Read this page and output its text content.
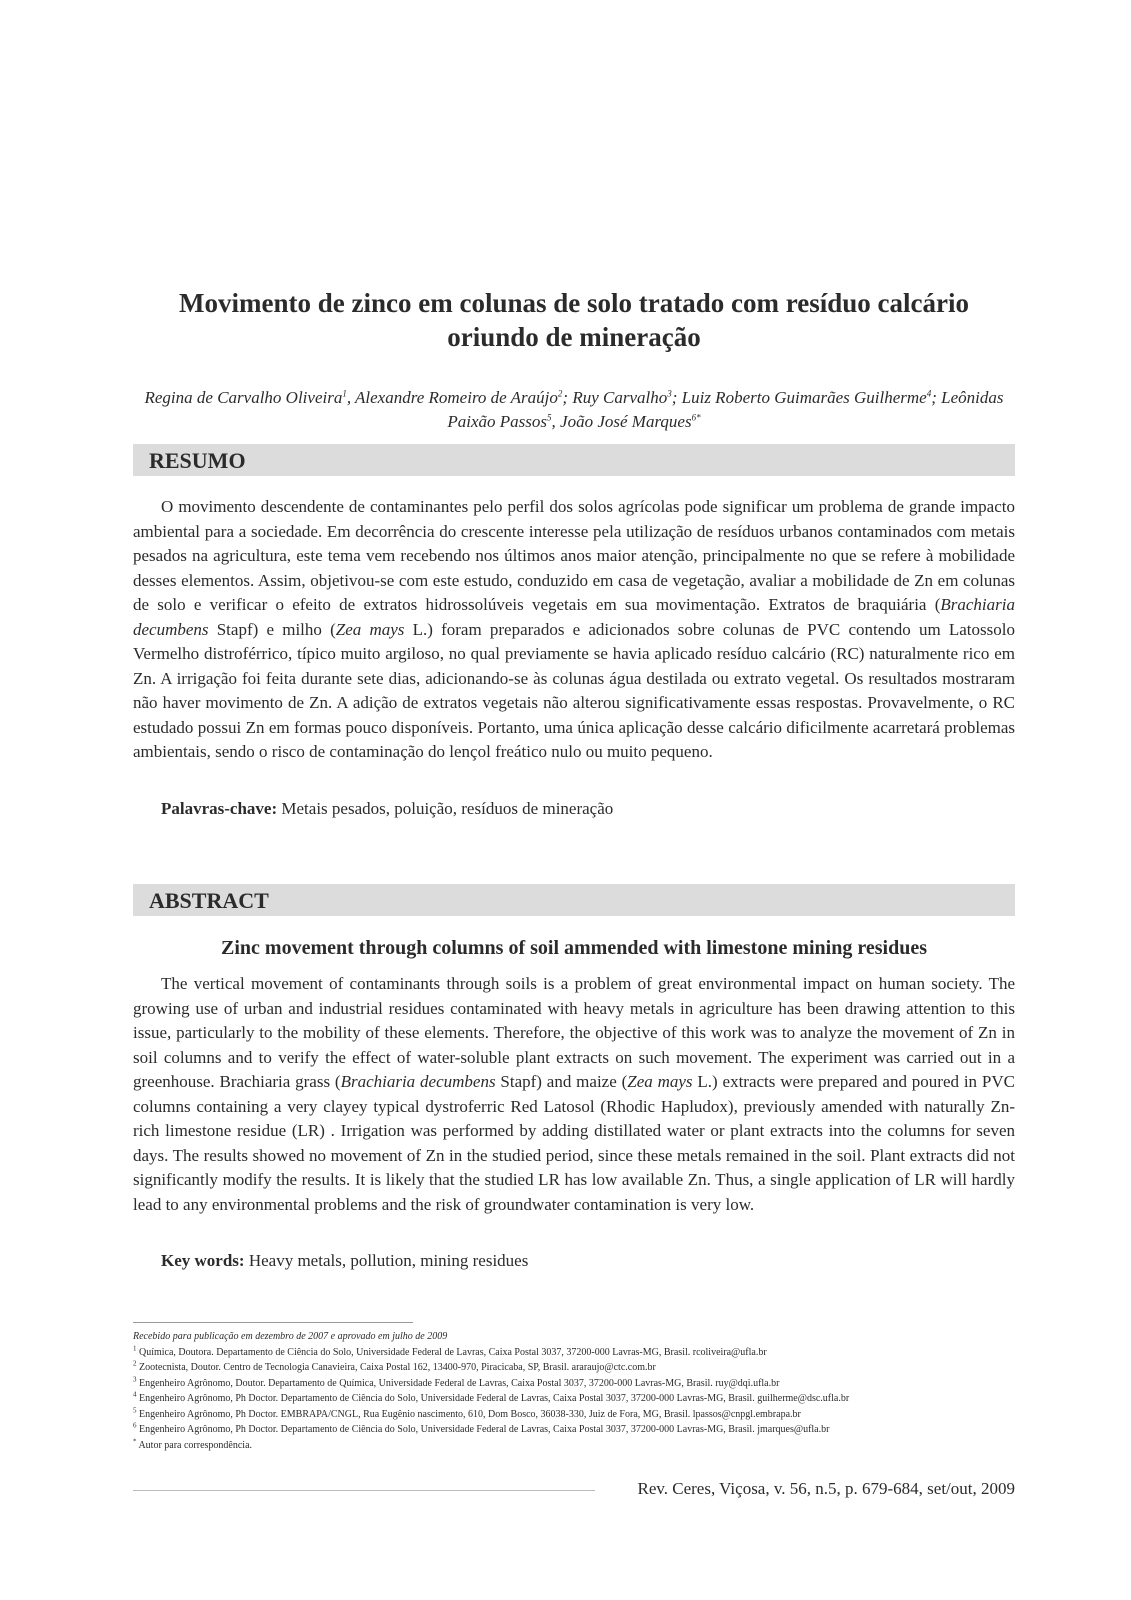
Movimento de zinco em colunas de solo tratado com resíduo calcário
oriundo de mineração
Regina de Carvalho Oliveira$^1$, Alexandre Romeiro de Araújo$^2$; Ruy Carvalho$^3$; Luiz Roberto Guimarães Guilherme$^4$; Leônidas Paixão Passos$^5$, João José Marques$^{6*}$
RESUMO

O movimento descendente de contaminantes pelo perfil dos solos agrícolas pode significar um problema de grande impacto ambiental para a sociedade. Em decorrência do crescente interesse pela utilização de resíduos urbanos contaminados com metais pesados na agricultura, este tema vem recebendo nos últimos anos maior atenção, principalmente no que se refere à mobilidade desses elementos. Assim, objetivou-se com este estudo, conduzido em casa de vegetação, avaliar a mobilidade de Zn em colunas de solo e verificar o efeito de extratos hidrossolúveis vegetais em sua movimentação. Extratos de braquiária (Brachiaria decumbens Stapf) e milho (Zea mays L.) foram preparados e adicionados sobre colunas de PVC contendo um Latossolo Vermelho distroférrico, típico muito argiloso, no qual previamente se havia aplicado resíduo calcário (RC) naturalmente rico em Zn. A irrigação foi feita durante sete dias, adicionando-se às colunas água destilada ou extrato vegetal. Os resultados mostraram não haver movimento de Zn. A adição de extratos vegetais não alterou significativamente essas respostas. Provavelmente, o RC estudado possui Zn em formas pouco disponíveis. Portanto, uma única aplicação desse calcário dificilmente acarretará problemas ambientais, sendo o risco de contaminação do lençol freático nulo ou muito pequeno.

Palavras-chave: Metais pesados, poluição, resíduos de mineração
ABSTRACT
Zinc movement through columns of soil ammended with limestone mining residues

The vertical movement of contaminants through soils is a problem of great environmental impact on human society. The growing use of urban and industrial residues contaminated with heavy metals in agriculture has been drawing attention to this issue, particularly to the mobility of these elements. Therefore, the objective of this work was to analyze the movement of Zn in soil columns and to verify the effect of water-soluble plant extracts on such movement. The experiment was carried out in a greenhouse. Brachiaria grass (Brachiaria decumbens Stapf) and maize (Zea mays L.) extracts were prepared and poured in PVC columns containing a very clayey typical dystroferric Red Latosol (Rhodic Hapludox), previously amended with naturally Zn-rich limestone residue (LR) . Irrigation was performed by adding distillated water or plant extracts into the columns for seven days. The results showed no movement of Zn in the studied period, since these metals remained in the soil. Plant extracts did not significantly modify the results. It is likely that the studied LR has low available Zn. Thus, a single application of LR will hardly lead to any environmental problems and the risk of groundwater contamination is very low.

Key words: Heavy metals, pollution, mining residues
Recebido para publicação em dezembro de 2007 e aprovado em julho de 2009
$^1$ Química, Doutora. Departamento de Ciência do Solo, Universidade Federal de Lavras, Caixa Postal 3037, 37200-000 Lavras-MG, Brasil. rcoliveira@ufla.br
$^2$ Zootecnista, Doutor. Centro de Tecnologia Canavieira, Caixa Postal 162, 13400-970, Piracicaba, SP, Brasil. araraujo@ctc.com.br
$^3$ Engenheiro Agrônomo, Doutor. Departamento de Química, Universidade Federal de Lavras, Caixa Postal 3037, 37200-000 Lavras-MG, Brasil. ruy@dqi.ufla.br
$^4$ Engenheiro Agrônomo, Ph Doctor. Departamento de Ciência do Solo, Universidade Federal de Lavras, Caixa Postal 3037, 37200-000 Lavras-MG, Brasil. guilherme@dsc.ufla.br
$^5$ Engenheiro Agrônomo, Ph Doctor. EMBRAPA/CNGL, Rua Eugênio nascimento, 610, Dom Bosco, 36038-330, Juiz de Fora, MG, Brasil. lpassos@cnpgl.embrapa.br
$^6$ Engenheiro Agrônomo, Ph Doctor. Departamento de Ciência do Solo, Universidade Federal de Lavras, Caixa Postal 3037, 37200-000 Lavras-MG, Brasil. jmarques@ufla.br
* Autor para correspondência.
Rev. Ceres, Viçosa, v. 56, n.5, p. 679-684, set/out, 2009
